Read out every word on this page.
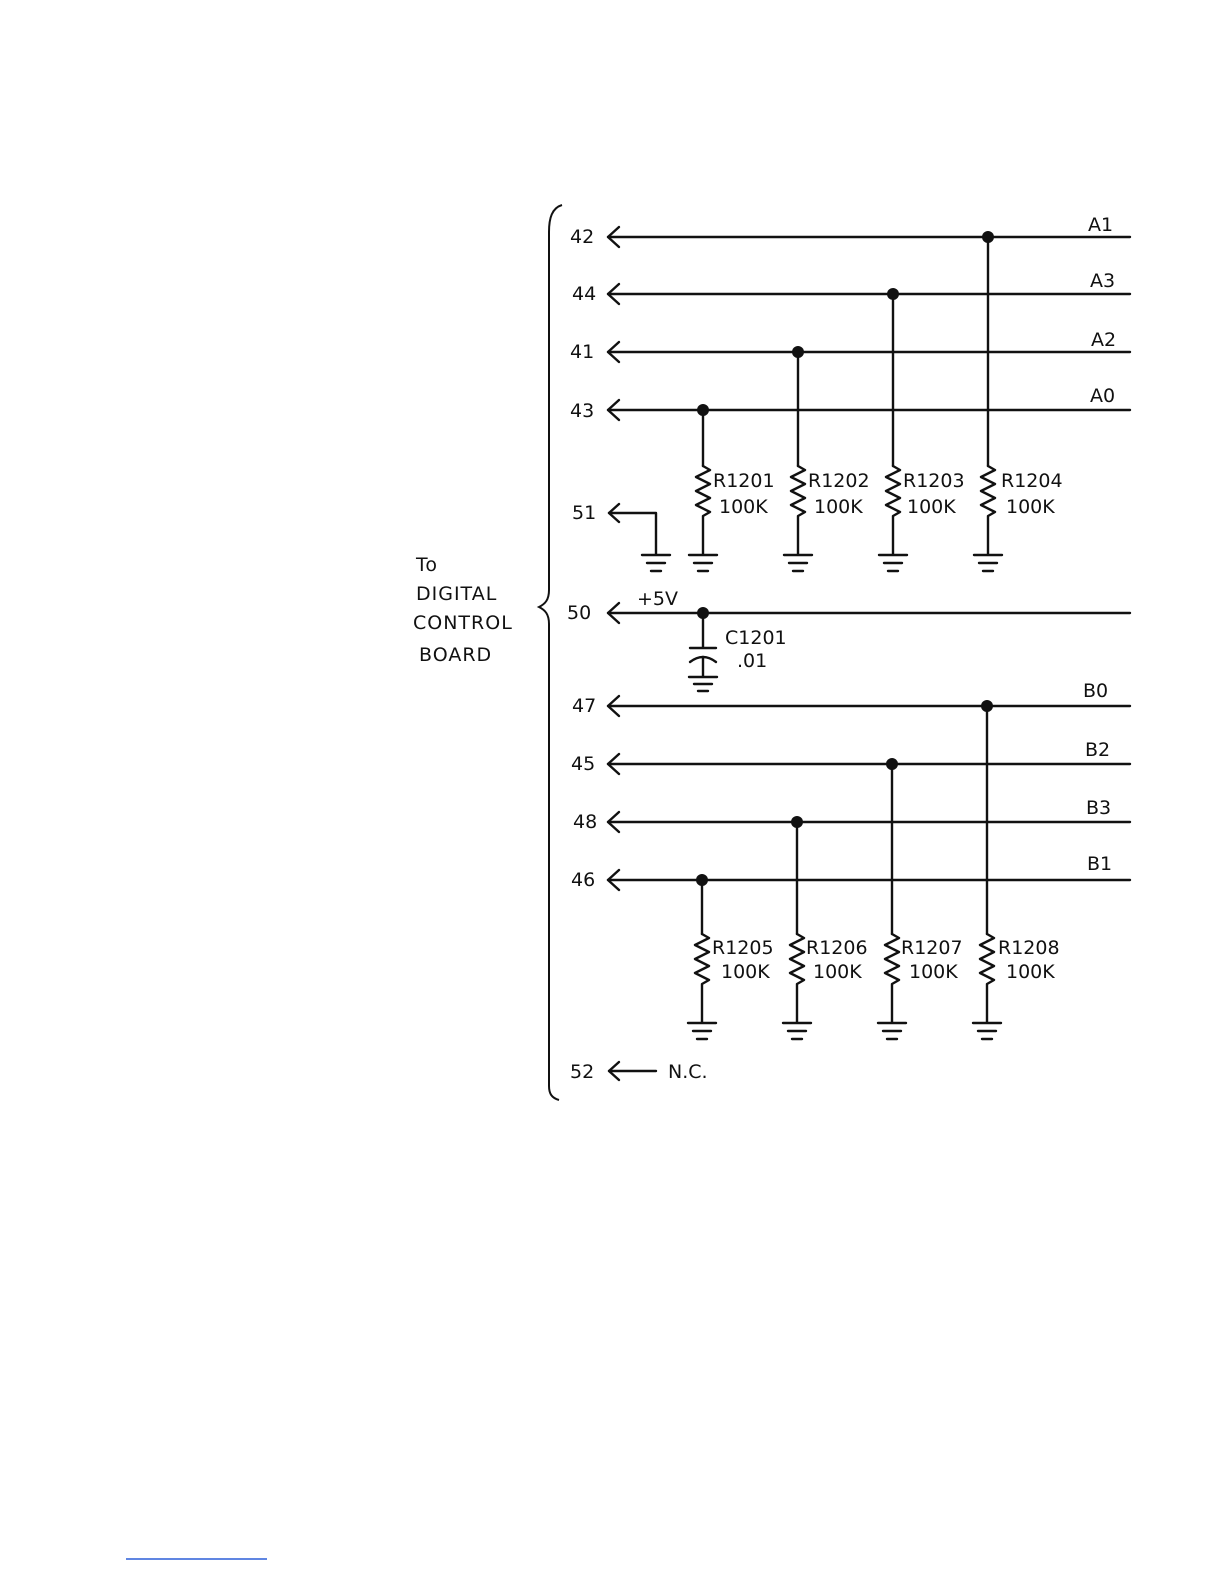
To
DIGITAL
CONTROL
BOARD
42
44
41
43
51
50
47
45
48
46
52
A1
A3
A2
A0
B0
B2
B3
B1
R1201
100K
R1202
100K
R1203
100K
R1204
100K
+5V
C1201
.01
R1205
100K
R1206
100K
R1207
100K
R1208
100K
N.C.
